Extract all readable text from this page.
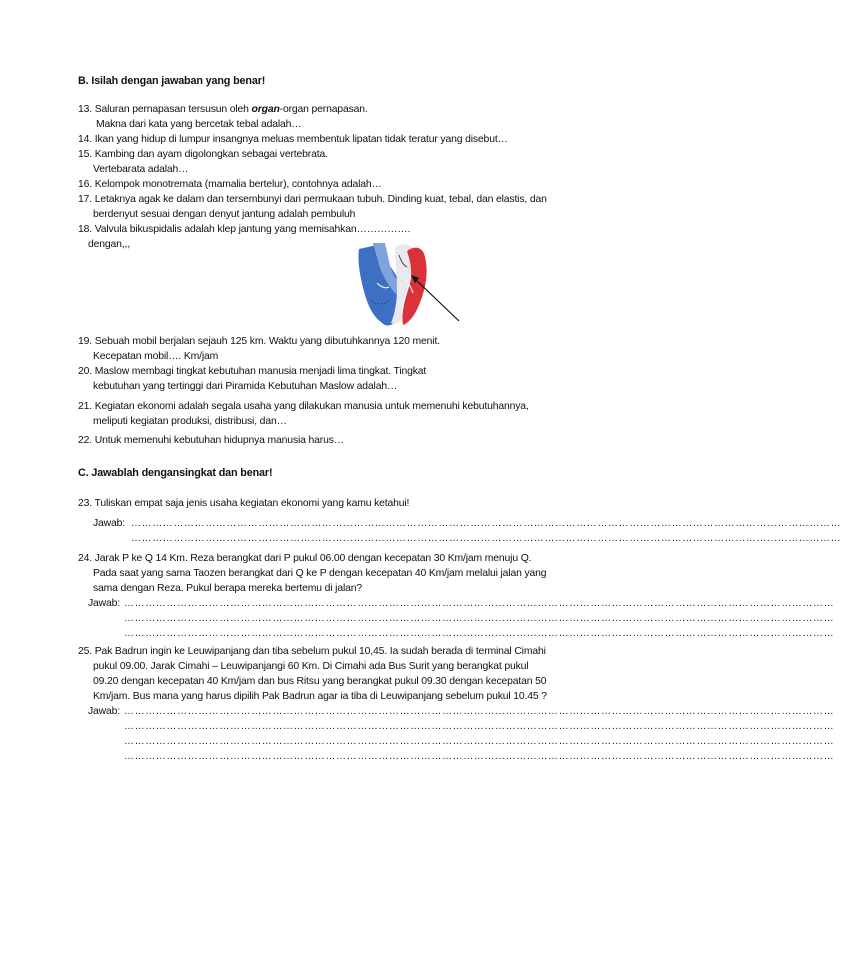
B. Isilah dengan jawaban yang benar!
13. Saluran pernapasan tersusun oleh organ-organ pernapasan.
Makna dari kata yang bercetak tebal adalah…
14. Ikan yang hidup di lumpur insangnya meluas membentuk lipatan tidak teratur yang disebut…
15. Kambing dan ayam digolongkan sebagai vertebrata.
Vertebarata adalah…
16. Kelompok monotremata (mamalia bertelur), contohnya adalah…
17. Letaknya agak ke dalam dan tersembunyi dari permukaan tubuh. Dinding kuat, tebal, dan elastis, dan
berdenyut sesuai dengan denyut jantung adalah pembuluh
18. Valvula bikuspidalis adalah klep jantung yang memisahkan…………….
dengan,,,
19. Sebuah mobil berjalan sejauh 125 km. Waktu yang dibutuhkannya 120 menit.
Kecepatan mobil…. Km/jam
20. Maslow membagi tingkat kebutuhan manusia menjadi lima tingkat. Tingkat
kebutuhan yang tertinggi dari Piramida Kebutuhan Maslow adalah…
21. Kegiatan ekonomi adalah segala usaha yang dilakukan manusia untuk memenuhi kebutuhannya,
meliputi kegiatan produksi, distribusi, dan…
22. Untuk memenuhi kebutuhan hidupnya manusia harus…
C. Jawablah dengansingkat dan benar!
23. Tuliskan empat saja jenis usaha kegiatan ekonomi yang kamu ketahui!
Jawab: …………………………………………………………………………………………………………………………………………………………………………………
…………………………………………………………………………………………………………………………………………………………………………………
24. Jarak P ke Q 14 Km. Reza berangkat dari P pukul 06.00 dengan kecepatan 30 Km/jam menuju Q.
Pada saat yang sama Taozen berangkat dari Q ke P dengan kecepatan 40 Km/jam melalui jalan yang
sama dengan Reza. Pukul berapa mereka bertemu di jalan?
Jawab: …………………………………………………………………………………………………………………………………………………………………………………
…………………………………………………………………………………………………………………………………………………………………………………
…………………………………………………………………………………………………………………………………………………………………………………
25. Pak Badrun ingin ke Leuwipanjang dan tiba sebelum pukul 10,45. Ia sudah berada di terminal Cimahi
pukul 09.00. Jarak Cimahi – Leuwipanjangi 60 Km. Di Cimahi ada Bus Surit yang berangkat pukul
09.20 dengan kecepatan 40 Km/jam dan bus Ritsu yang berangkat pukul 09.30 dengan kecepatan 50
Km/jam. Bus mana yang harus dipilih Pak Badrun agar ia tiba di Leuwipanjang sebelum pukul 10.45 ?
Jawab: …………………………………………………………………………………………………………………………………………………………………………………
…………………………………………………………………………………………………………………………………………………………………………………
…………………………………………………………………………………………………………………………………………………………………………………
…………………………………………………………………………………………………………………………………………………………………………………
